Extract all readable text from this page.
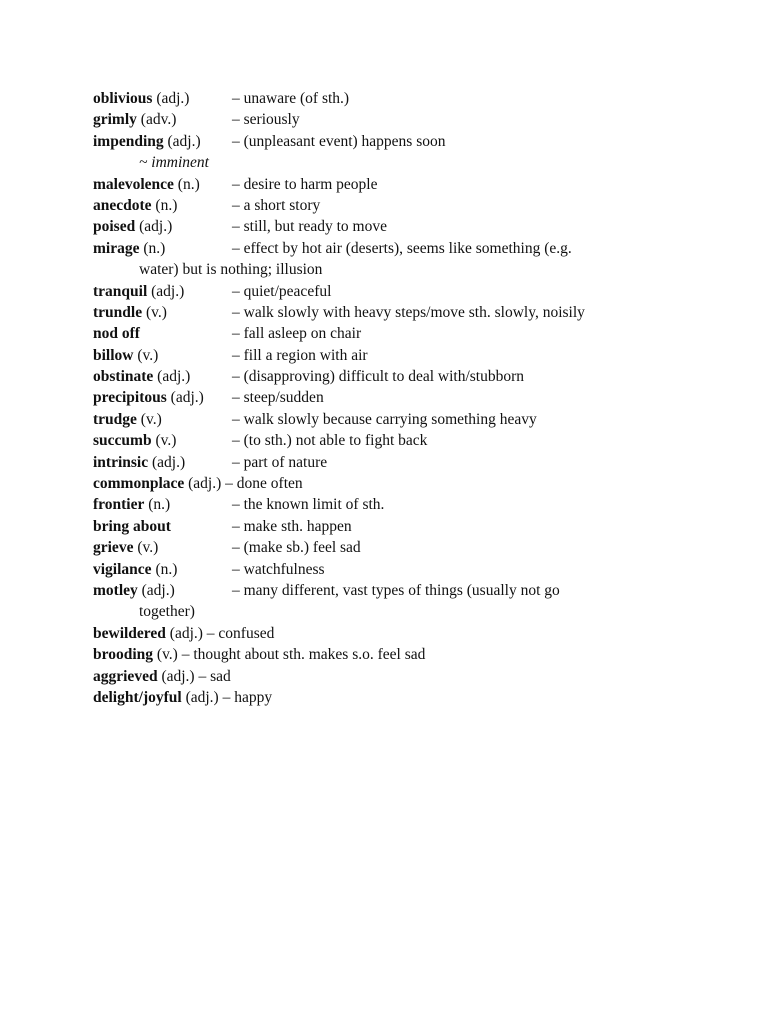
oblivious (adj.)	– unaware (of sth.)
grimly (adv.)	– seriously
impending (adj.) – (unpleasant event) happens soon
~ imminent
malevolence (n.) – desire to harm people
anecdote (n.)	– a short story
poised (adj.)	– still, but ready to move
mirage (n.)	– effect by hot air (deserts), seems like something (e.g.
water) but is nothing; illusion
tranquil (adj.)	– quiet/peaceful
trundle (v.)	– walk slowly with heavy steps/move sth. slowly, noisily
nod off	– fall asleep on chair
billow (v.)	– fill a region with air
obstinate (adj.)	– (disapproving) difficult to deal with/stubborn
precipitous (adj.) – steep/sudden
trudge (v.)	– walk slowly because carrying something heavy
succumb (v.)	– (to sth.) not able to fight back
intrinsic (adj.)	– part of nature
commonplace (adj.) – done often
frontier (n.)	– the known limit of sth.
bring about	– make sth. happen
grieve (v.)	– (make sb.) feel sad
vigilance (n.)	– watchfulness
motley (adj.)	– many different, vast types of things (usually not go
together)
bewildered (adj.) – confused
brooding (v.) – thought about sth. makes s.o. feel sad
aggrieved (adj.) – sad
delight/joyful (adj.) – happy
